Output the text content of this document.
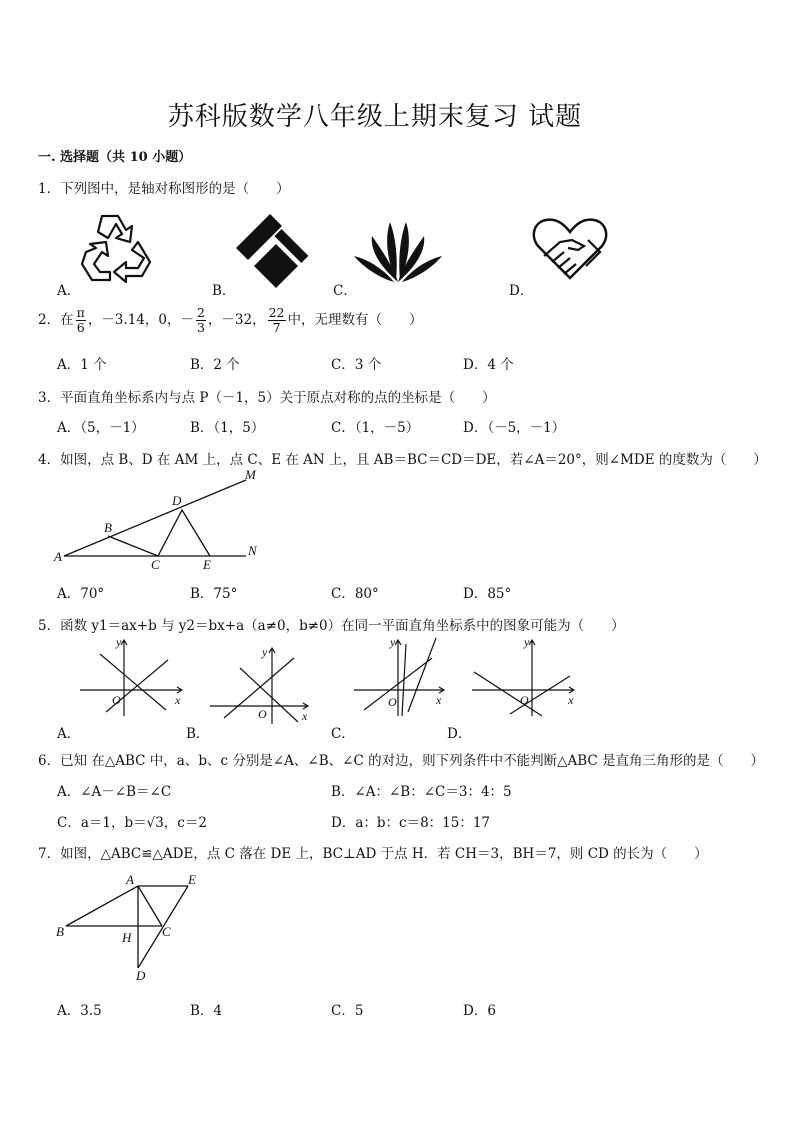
苏科版数学八年级上期末复习 试题
一. 选择题（共 10 小题）
1．下列图中，是轴对称图形的是（　　）
A．	B．	C．	D．
2．在 $\frac{\pi}{6}$ ，－3.14，0，－ $\frac{2}{3}$ ，－32， $\frac{22}{7}$ 中，无理数有（　　）
A．1 个	B．2 个	C．3 个	D．4 个
3．平面直角坐标系内与点 P（－1，5）关于原点对称的点的坐标是（　　）
A．（5，－1）	B．（1，5）	C．（1，－5）	D．（－5，－1）
4．如图，点 B、D 在 AM 上，点 C、E 在 AN 上，且 AB＝BC＝CD＝DE，若∠A＝20°，则∠MDE 的度数为（　　）
A
B
C
D
E
M
N
A．70°	B．75°	C．80°	D．85°
5．函数 y1＝ax+b 与 y2＝bx+a（a≠0，b≠0）在同一平面直角坐标系中的图象可能为（　　）
x
y
O
x
y
O
x
y
O	x
y
O
A．	B．	C．	D．
6．已知 在△ABC 中，a、b、c 分别是∠A、∠B、∠C 的对边，则下列条件中不能判断△ABC 是直角三角形的是（　　）
A．∠A－∠B＝∠C	B．∠A：∠B：∠C＝3：4：5
C．a＝1，b＝√3，c＝2	D．a：b：c＝8：15：17
7．如图，△ABC≌△ADE，点 C 落在 DE 上，BC⊥AD 于点 H．若 CH＝3，BH＝7，则 CD 的长为（　　）
A
B	C
D
E
H
A．3.5	B．4	C．5	D．6
